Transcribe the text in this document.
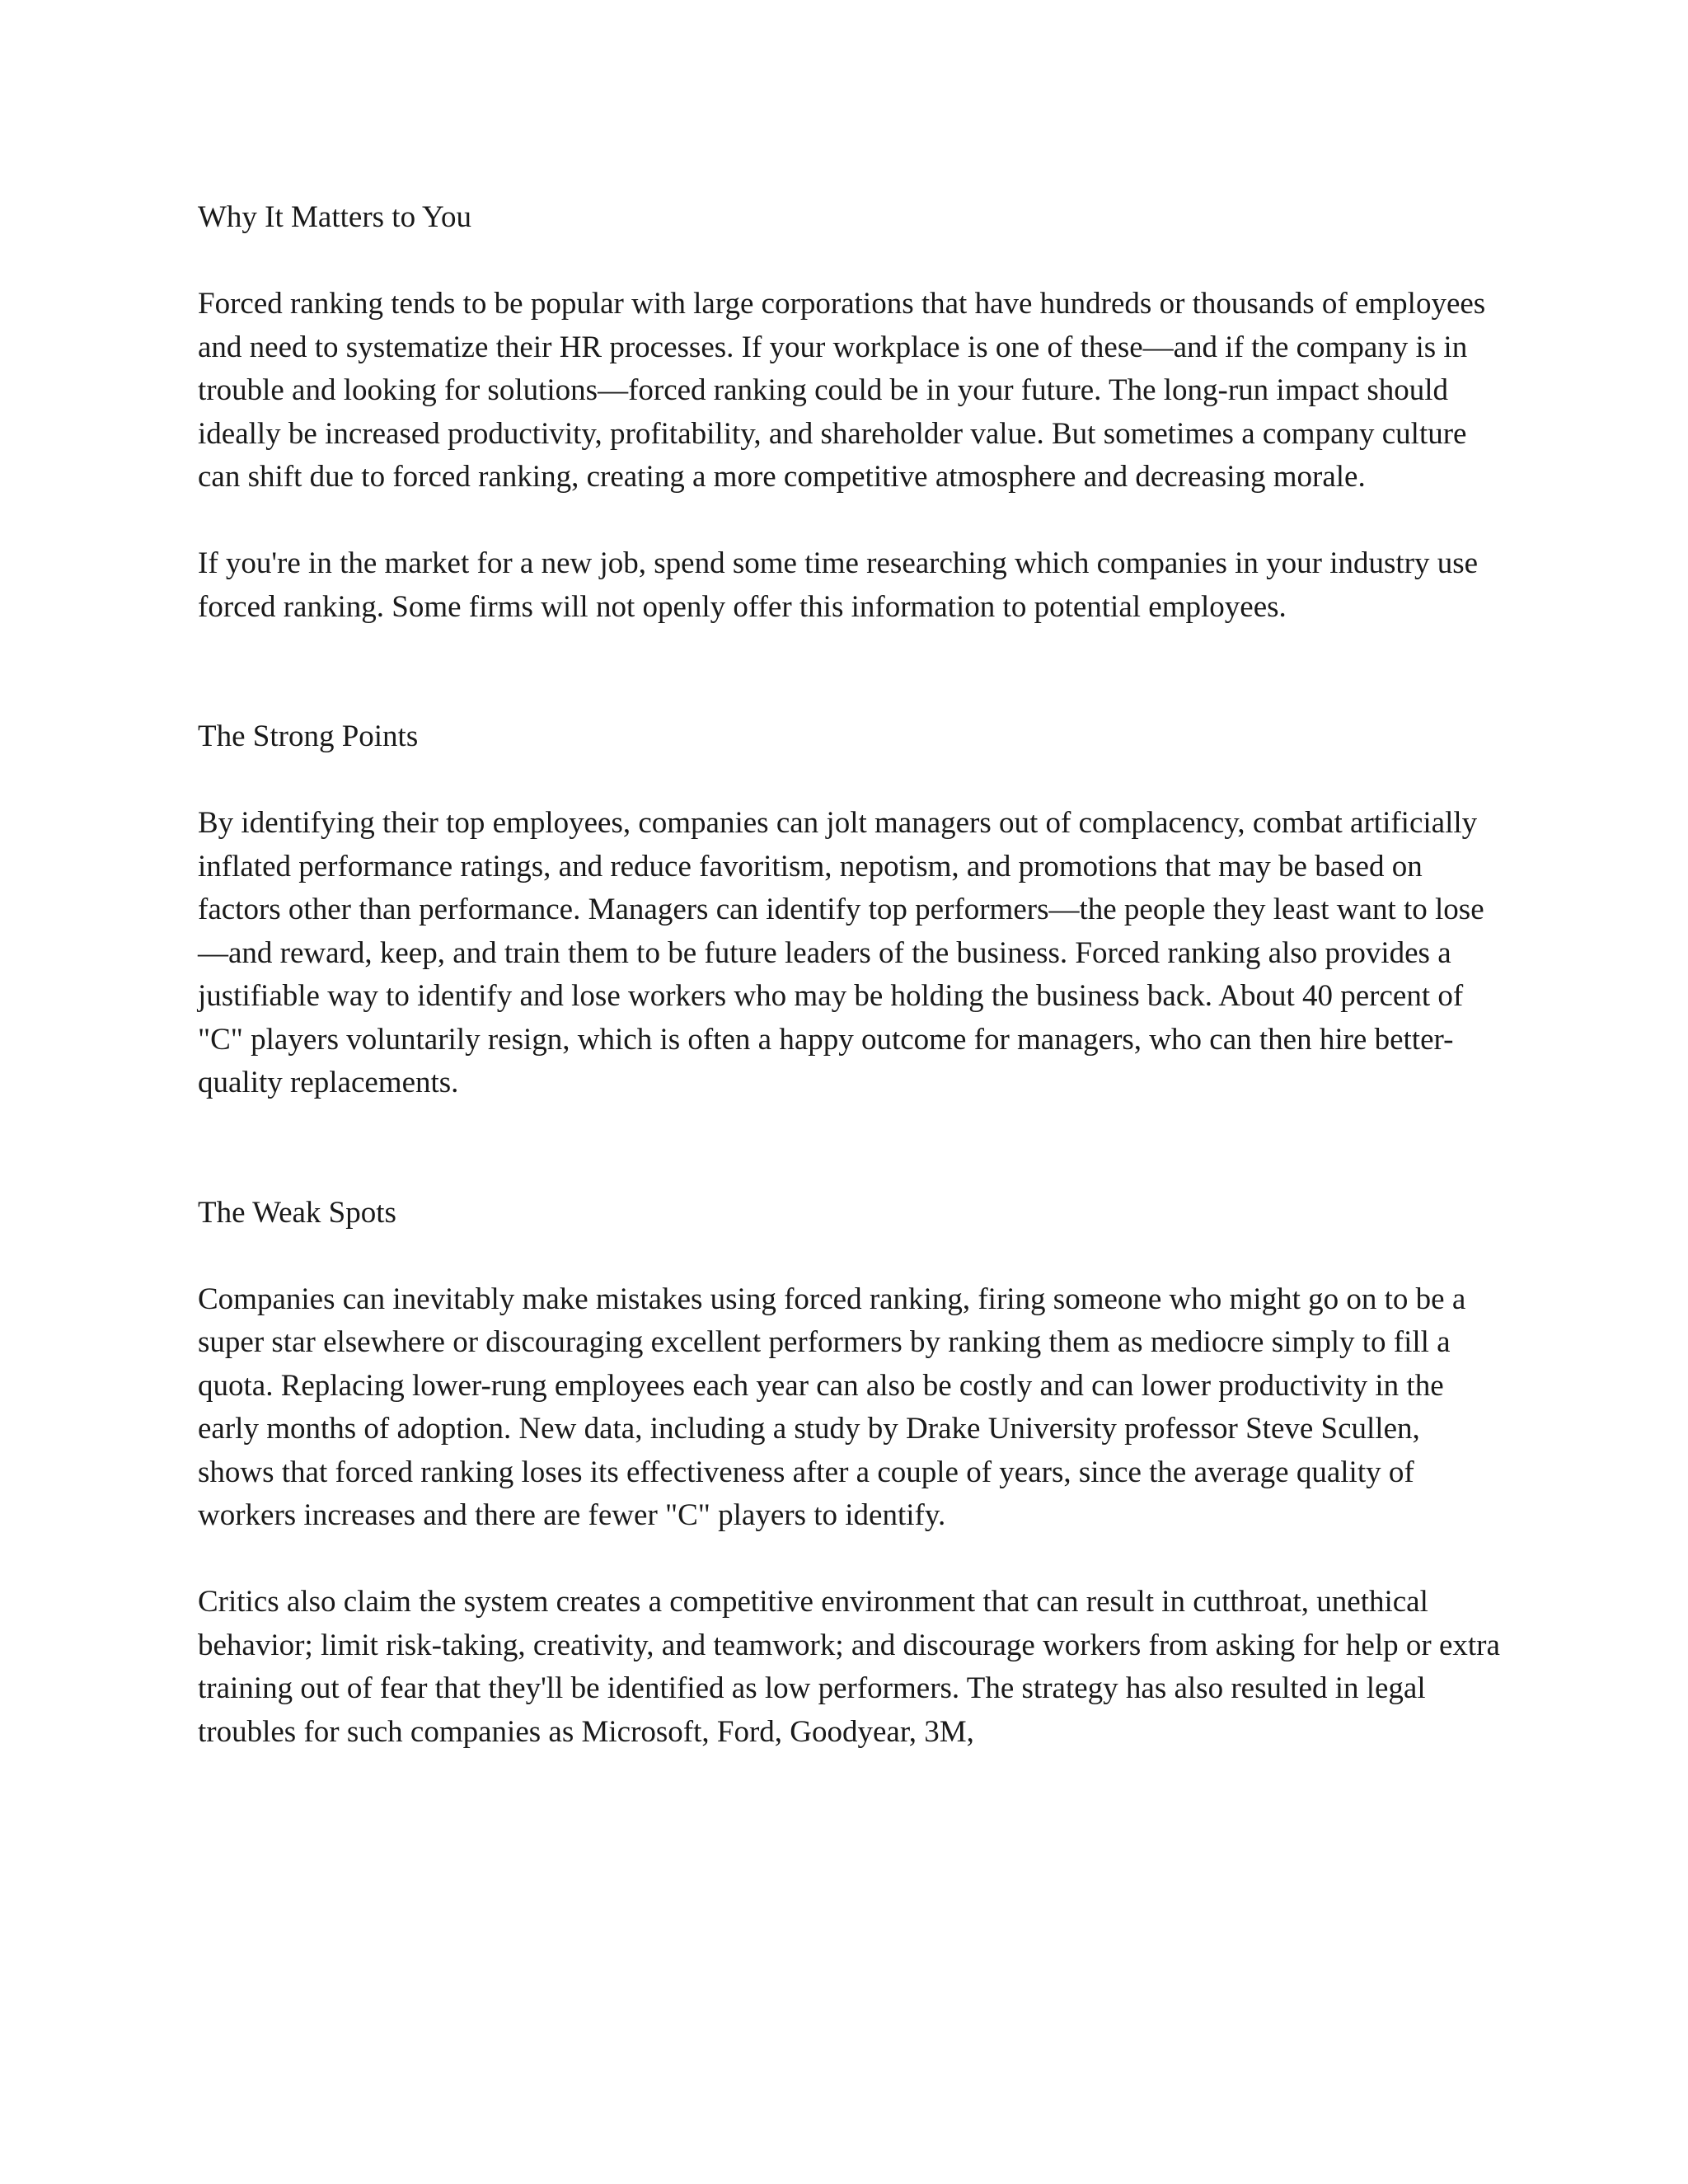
Why It Matters to You

Forced ranking tends to be popular with large corporations that have hundreds or thousands of employees and need to systematize their HR processes. If your workplace is one of these—and if the company is in trouble and looking for solutions—forced ranking could be in your future. The long-run impact should ideally be increased productivity, profitability, and shareholder value. But sometimes a company culture can shift due to forced ranking, creating a more competitive atmosphere and decreasing morale.

If you're in the market for a new job, spend some time researching which companies in your industry use forced ranking. Some firms will not openly offer this information to potential employees.

The Strong Points

By identifying their top employees, companies can jolt managers out of complacency, combat artificially inflated performance ratings, and reduce favoritism, nepotism, and promotions that may be based on factors other than performance. Managers can identify top performers—the people they least want to lose—and reward, keep, and train them to be future leaders of the business. Forced ranking also provides a justifiable way to identify and lose workers who may be holding the business back. About 40 percent of "C" players voluntarily resign, which is often a happy outcome for managers, who can then hire better-quality replacements.

The Weak Spots

Companies can inevitably make mistakes using forced ranking, firing someone who might go on to be a super star elsewhere or discouraging excellent performers by ranking them as mediocre simply to fill a quota. Replacing lower-rung employees each year can also be costly and can lower productivity in the early months of adoption. New data, including a study by Drake University professor Steve Scullen, shows that forced ranking loses its effectiveness after a couple of years, since the average quality of workers increases and there are fewer "C" players to identify.

Critics also claim the system creates a competitive environment that can result in cutthroat, unethical behavior; limit risk-taking, creativity, and teamwork; and discourage workers from asking for help or extra training out of fear that they'll be identified as low performers. The strategy has also resulted in legal troubles for such companies as Microsoft, Ford, Goodyear, 3M,
